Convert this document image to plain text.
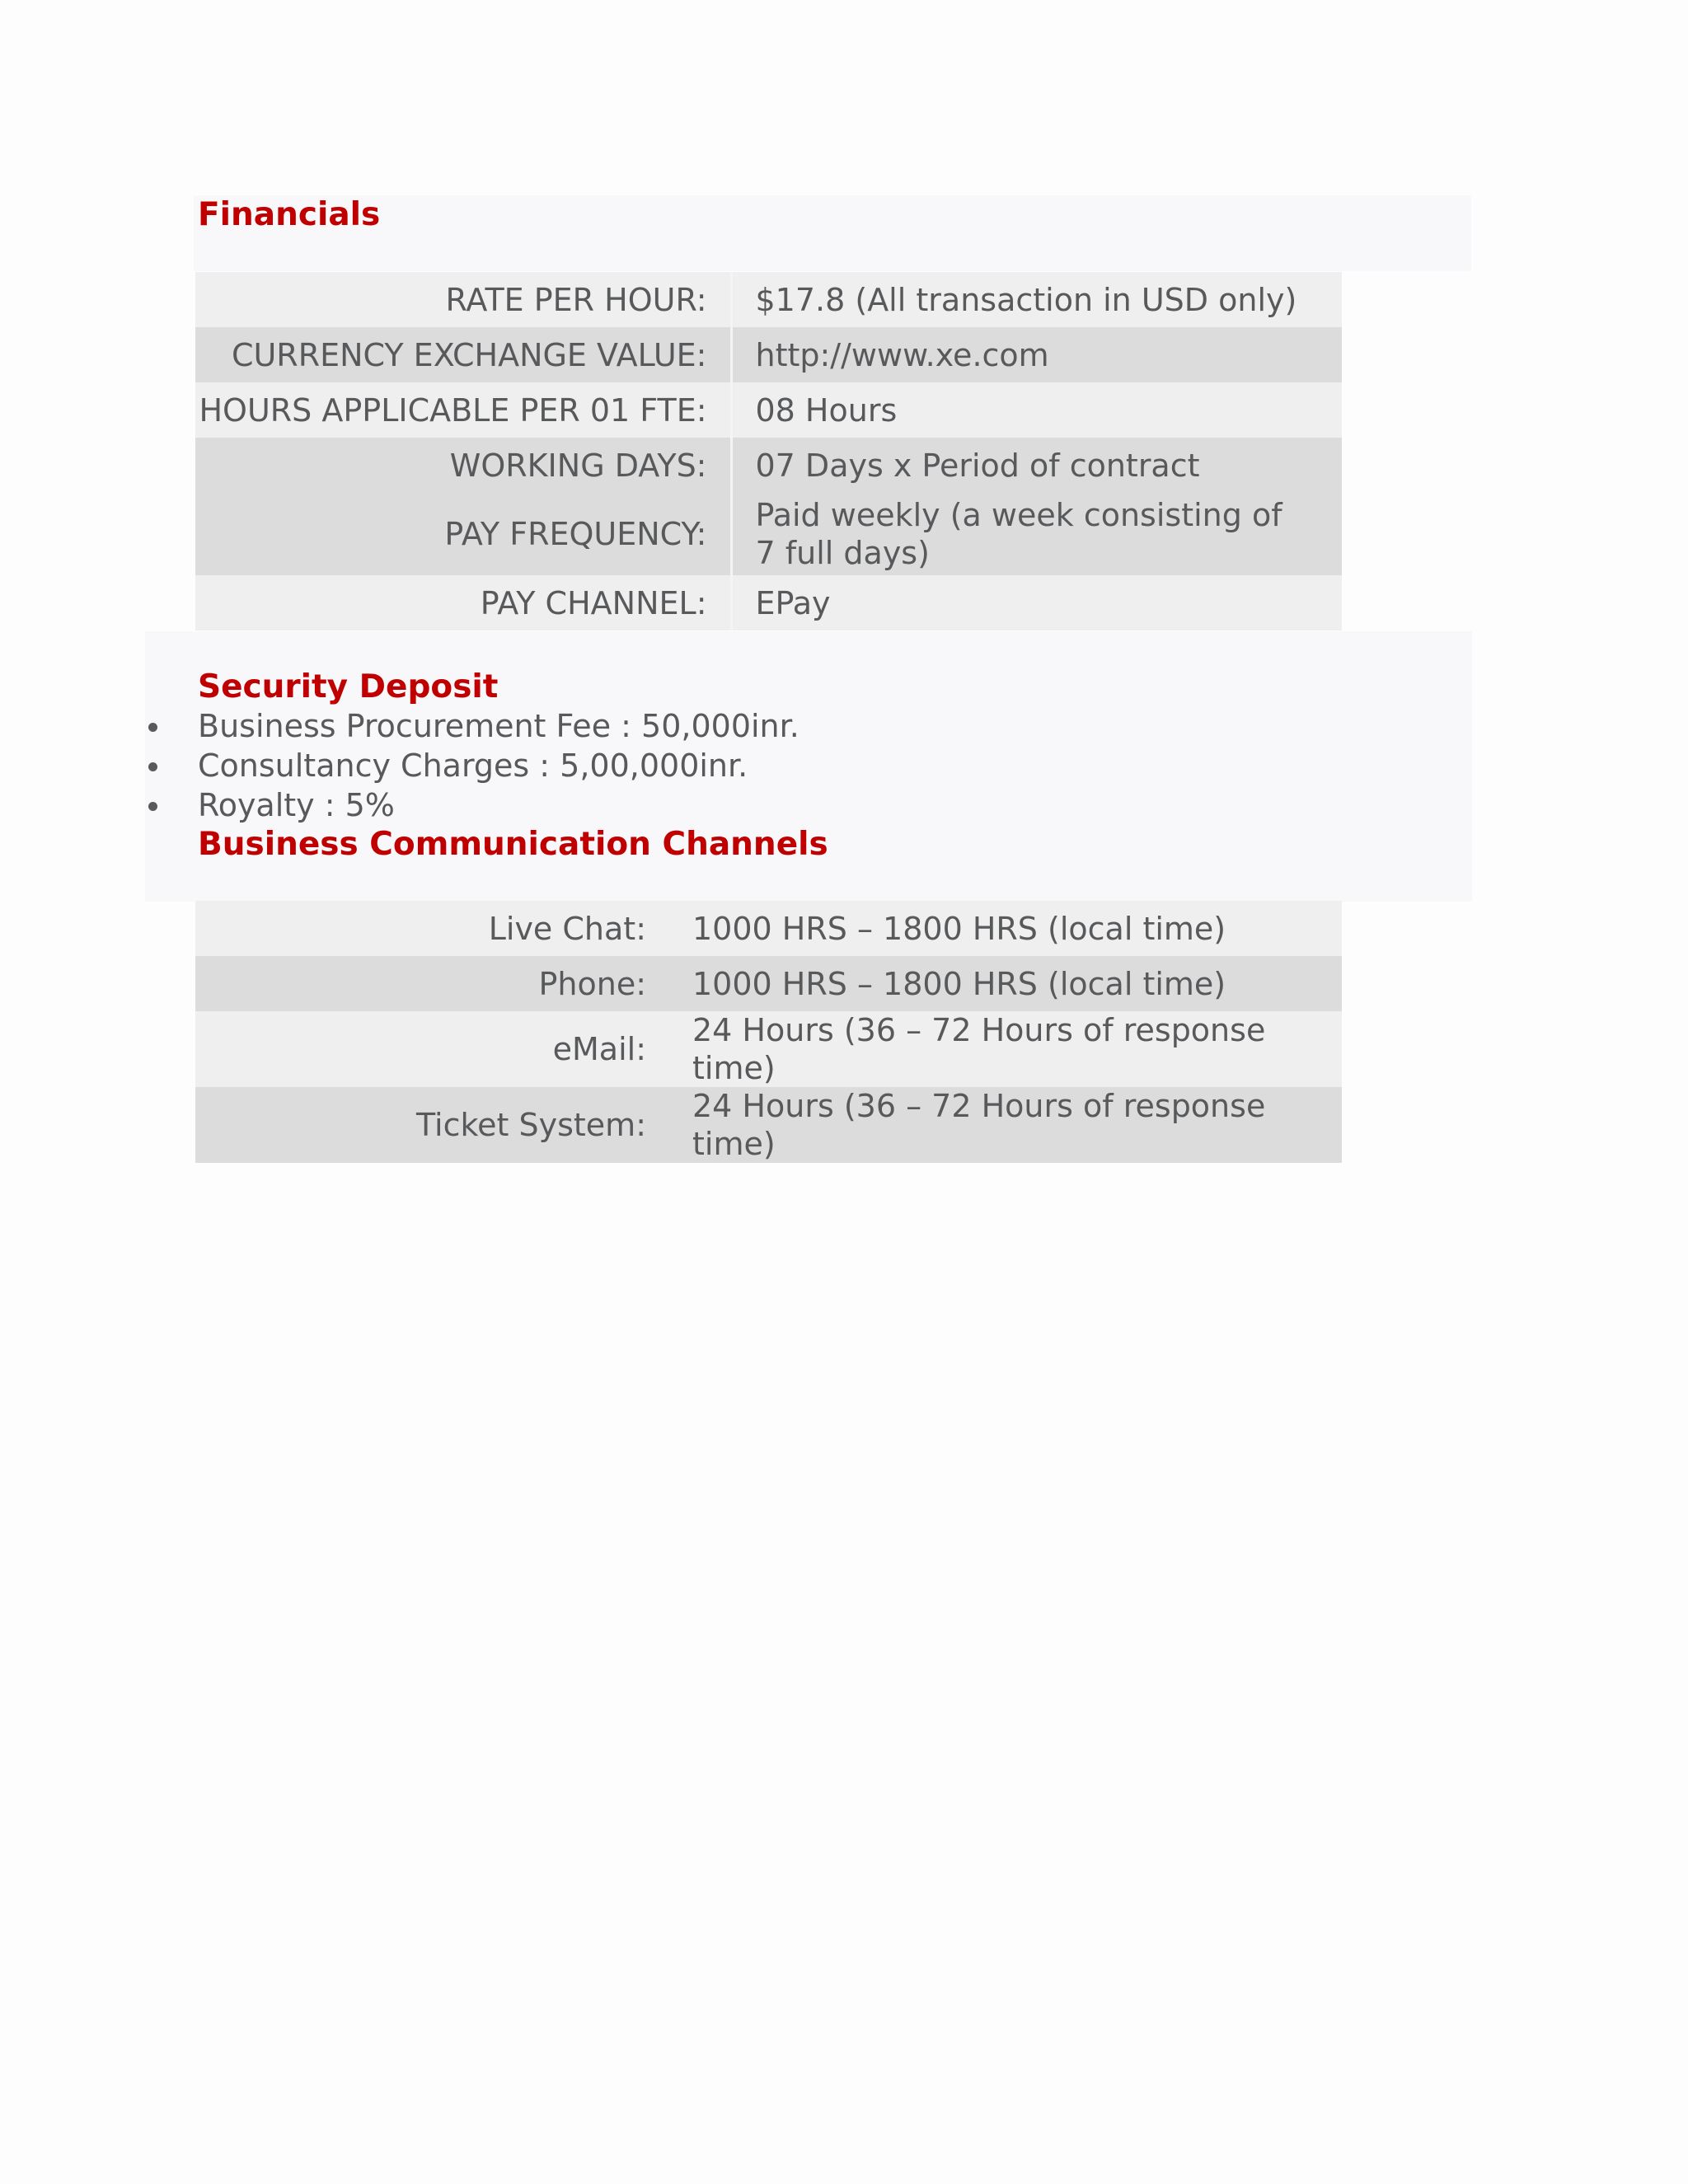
Financials
RATE PER HOUR:	$17.8 (All transaction in USD only)
CURRENCY EXCHANGE VALUE:	http://www.xe.com
HOURS APPLICABLE PER 01 FTE:	08 Hours
WORKING DAYS:	07 Days x Period of contract
PAY FREQUENCY:	Paid weekly (a week consisting of 7 full days)
PAY CHANNEL:	EPay
Security Deposit
Business Procurement Fee : 50,000inr.
Consultancy Charges : 5,00,000inr.
Royalty : 5%
Business Communication Channels
Live Chat:	1000 HRS – 1800 HRS (local time)
Phone:	1000 HRS – 1800 HRS (local time)
eMail:	24 Hours (36 – 72 Hours of response time)
Ticket System:	24 Hours (36 – 72 Hours of response time)
